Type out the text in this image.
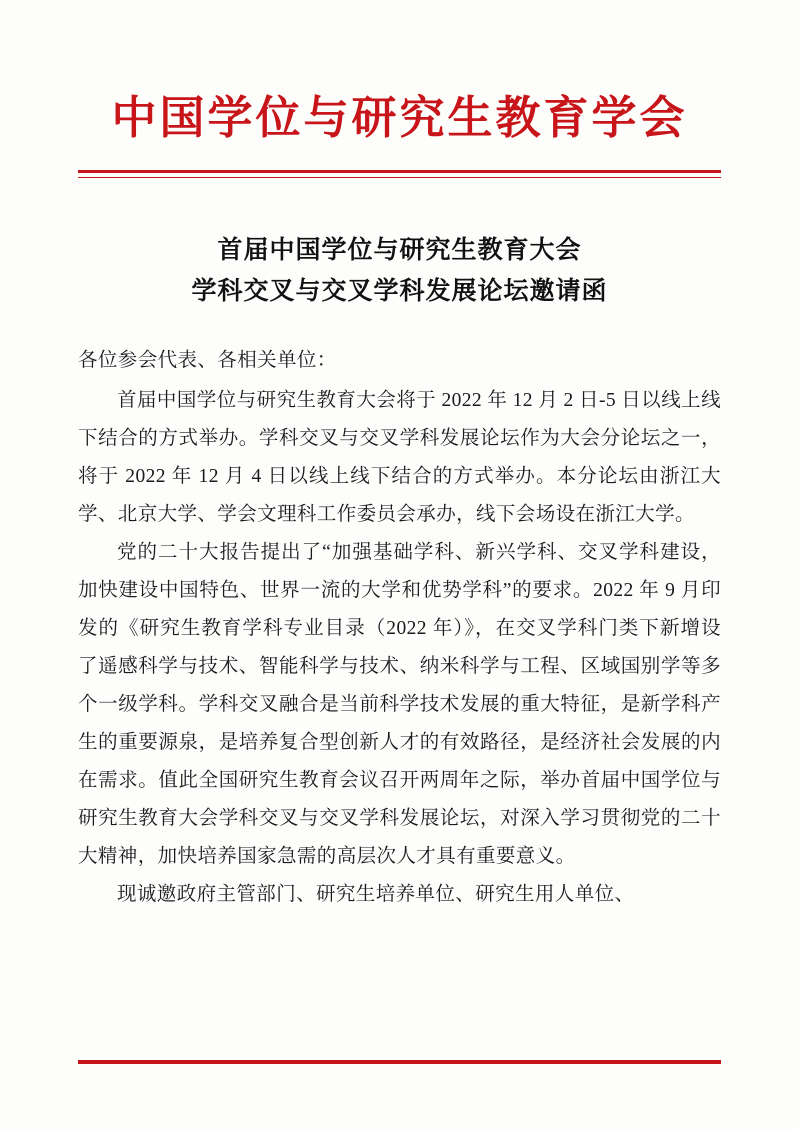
中国学位与研究生教育学会
首届中国学位与研究生教育大会
学科交叉与交叉学科发展论坛邀请函

各位参会代表、各相关单位：

首届中国学位与研究生教育大会将于 2022 年 12 月 2 日-5 日以线上线下结合的方式举办。学科交叉与交叉学科发展论坛作为大会分论坛之一，将于 2022 年 12 月 4 日以线上线下结合的方式举办。本分论坛由浙江大学、北京大学、学会文理科工作委员会承办，线下会场设在浙江大学。

党的二十大报告提出了“加强基础学科、新兴学科、交叉学科建设，加快建设中国特色、世界一流的大学和优势学科”的要求。2022 年 9 月印发的《研究生教育学科专业目录（2022 年）》，在交叉学科门类下新增设了遥感科学与技术、智能科学与技术、纳米科学与工程、区域国别学等多个一级学科。学科交叉融合是当前科学技术发展的重大特征，是新学科产生的重要源泉，是培养复合型创新人才的有效路径，是经济社会发展的内在需求。值此全国研究生教育会议召开两周年之际，举办首届中国学位与研究生教育大会学科交叉与交叉学科发展论坛，对深入学习贯彻党的二十大精神，加快培养国家急需的高层次人才具有重要意义。

现诚邀政府主管部门、研究生培养单位、研究生用人单位、
